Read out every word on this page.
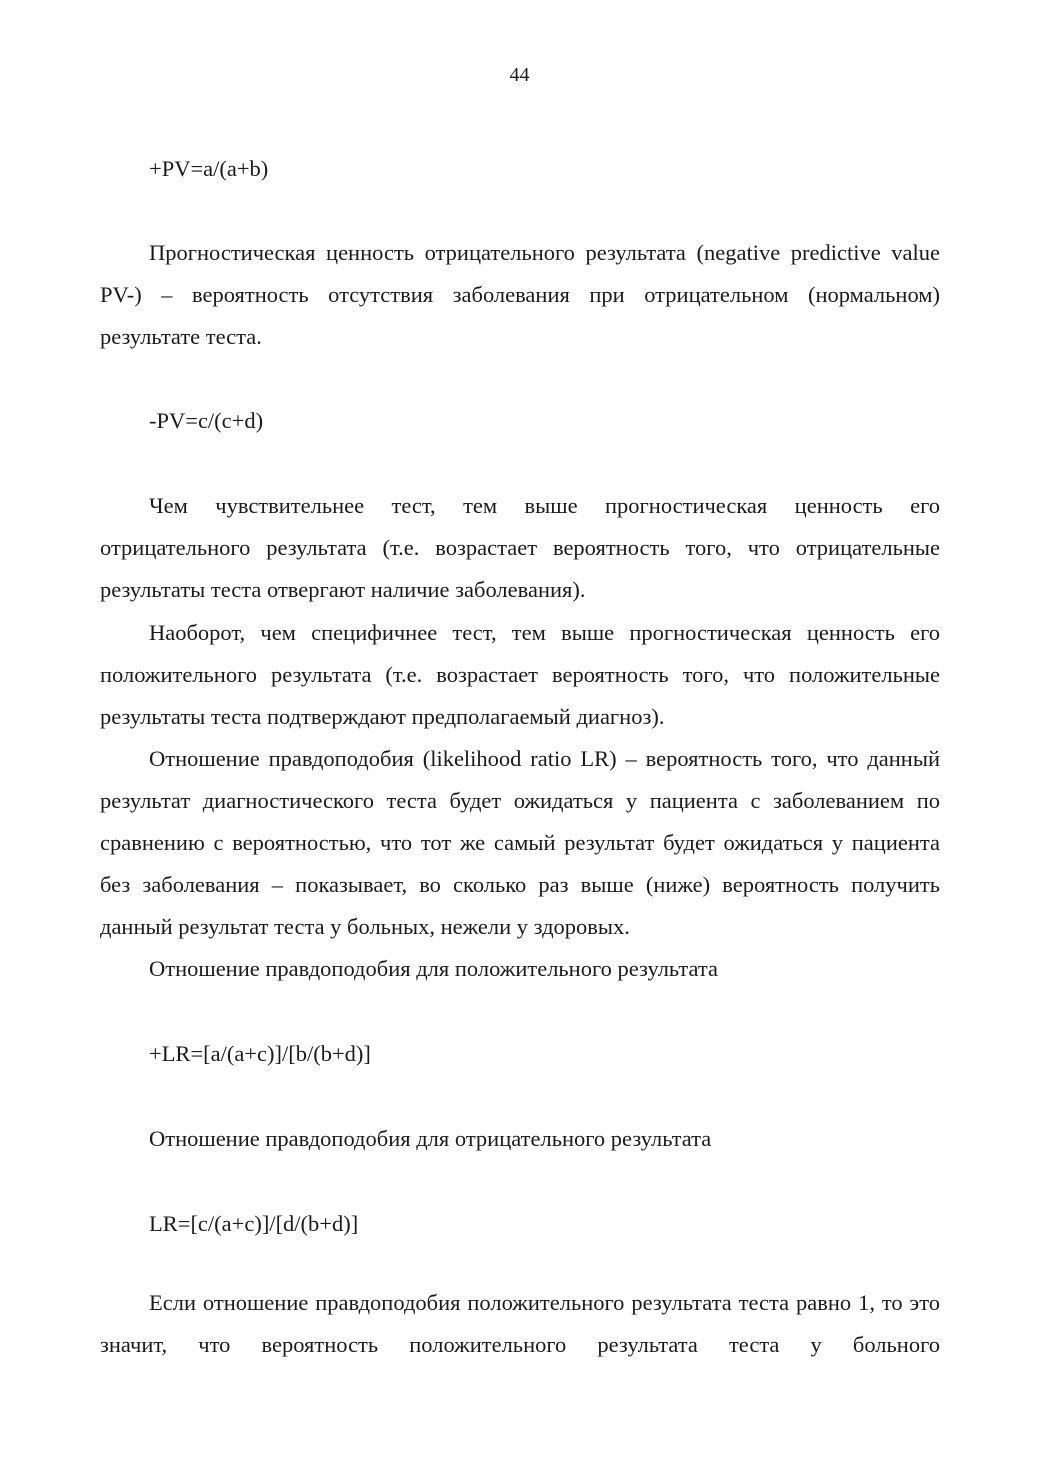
44

+PV=a/(a+b)

Прогностическая ценность отрицательного результата (negative predictive value PV-) – вероятность отсутствия заболевания при отрицательном (нормальном) результате теста.

-PV=c/(c+d)

Чем чувствительнее тест, тем выше прогностическая ценность его отрицательного результата (т.е. возрастает вероятность того, что отрицательные результаты теста отвергают наличие заболевания).

Наоборот, чем специфичнее тест, тем выше прогностическая ценность его положительного результата (т.е. возрастает вероятность того, что положительные результаты теста подтверждают предполагаемый диагноз).

Отношение правдоподобия (likelihood ratio LR) – вероятность того, что данный результат диагностического теста будет ожидаться у пациента с заболеванием по сравнению с вероятностью, что тот же самый результат будет ожидаться у пациента без заболевания – показывает, во сколько раз выше (ниже) вероятность получить данный результат теста у больных, нежели у здоровых.

Отношение правдоподобия для положительного результата

+LR=[a/(a+c)]/[b/(b+d)]

Отношение правдоподобия для отрицательного результата

LR=[c/(a+c)]/[d/(b+d)]

Если отношение правдоподобия положительного результата теста равно 1, то это значит, что вероятность положительного результата теста у больного
